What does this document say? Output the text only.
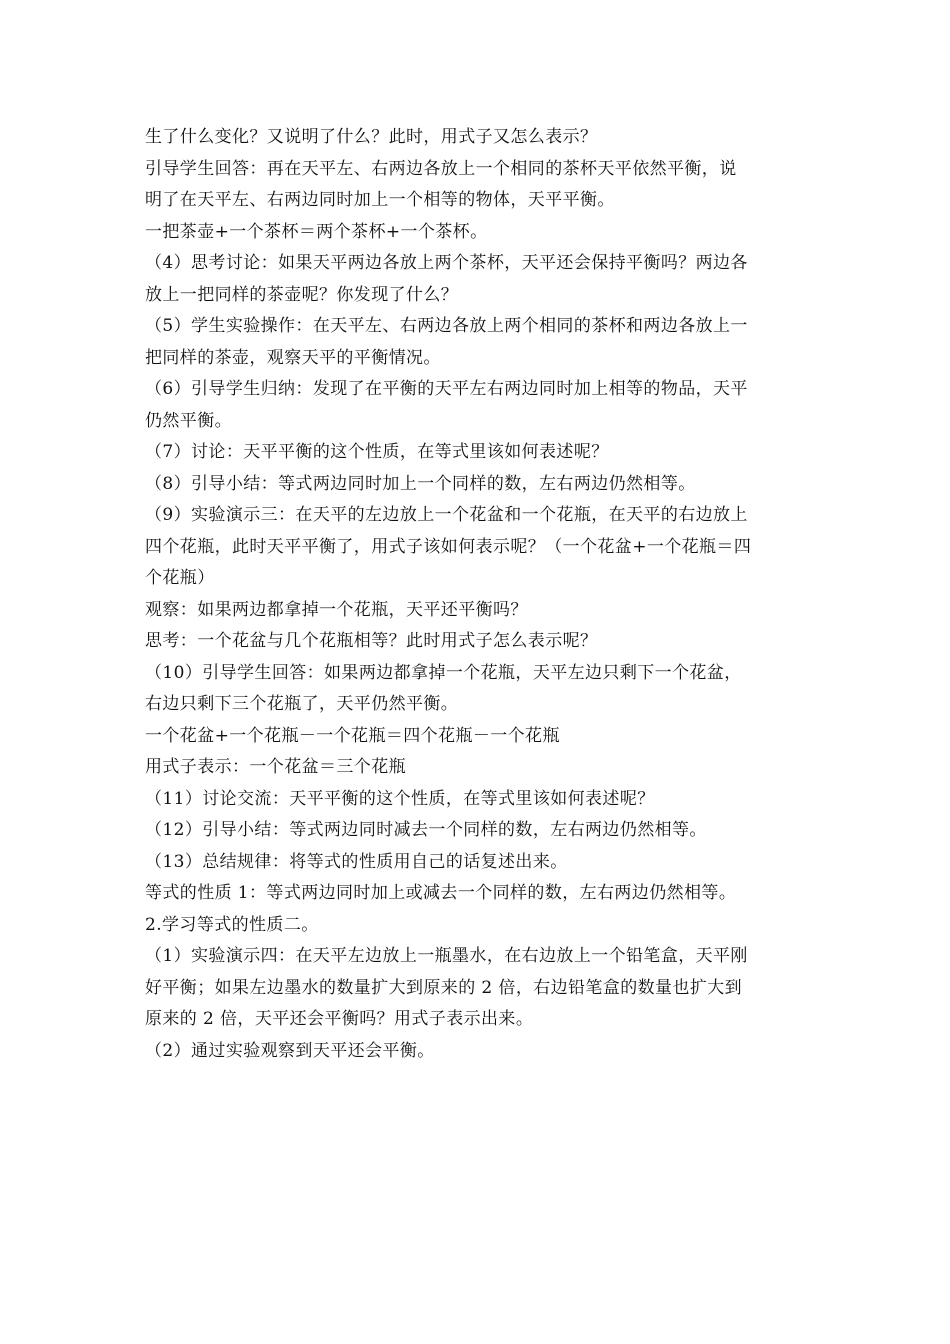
生了什么变化？又说明了什么？此时，用式子又怎么表示？
引导学生回答：再在天平左、右两边各放上一个相同的茶杯天平依然平衡，说
明了在天平左、右两边同时加上一个相等的物体，天平平衡。
一把茶壶+一个茶杯＝两个茶杯+一个茶杯。
（4）思考讨论：如果天平两边各放上两个茶杯，天平还会保持平衡吗？两边各
放上一把同样的茶壶呢？你发现了什么？
（5）学生实验操作：在天平左、右两边各放上两个相同的茶杯和两边各放上一
把同样的茶壶，观察天平的平衡情况。
（6）引导学生归纳：发现了在平衡的天平左右两边同时加上相等的物品，天平
仍然平衡。
（7）讨论：天平平衡的这个性质，在等式里该如何表述呢？
（8）引导小结：等式两边同时加上一个同样的数，左右两边仍然相等。
（9）实验演示三：在天平的左边放上一个花盆和一个花瓶，在天平的右边放上
四个花瓶，此时天平平衡了，用式子该如何表示呢？（一个花盆+一个花瓶＝四
个花瓶）
观察：如果两边都拿掉一个花瓶，天平还平衡吗？
思考：一个花盆与几个花瓶相等？此时用式子怎么表示呢？
（10）引导学生回答：如果两边都拿掉一个花瓶，天平左边只剩下一个花盆，
右边只剩下三个花瓶了，天平仍然平衡。
一个花盆+一个花瓶－一个花瓶＝四个花瓶－一个花瓶
用式子表示：一个花盆＝三个花瓶
（11）讨论交流：天平平衡的这个性质，在等式里该如何表述呢？
（12）引导小结：等式两边同时减去一个同样的数，左右两边仍然相等。
（13）总结规律：将等式的性质用自己的话复述出来。
等式的性质 1：等式两边同时加上或减去一个同样的数，左右两边仍然相等。
2.学习等式的性质二。
（1）实验演示四：在天平左边放上一瓶墨水，在右边放上一个铅笔盒，天平刚
好平衡；如果左边墨水的数量扩大到原来的 2 倍，右边铅笔盒的数量也扩大到
原来的 2 倍，天平还会平衡吗？用式子表示出来。
（2）通过实验观察到天平还会平衡。
